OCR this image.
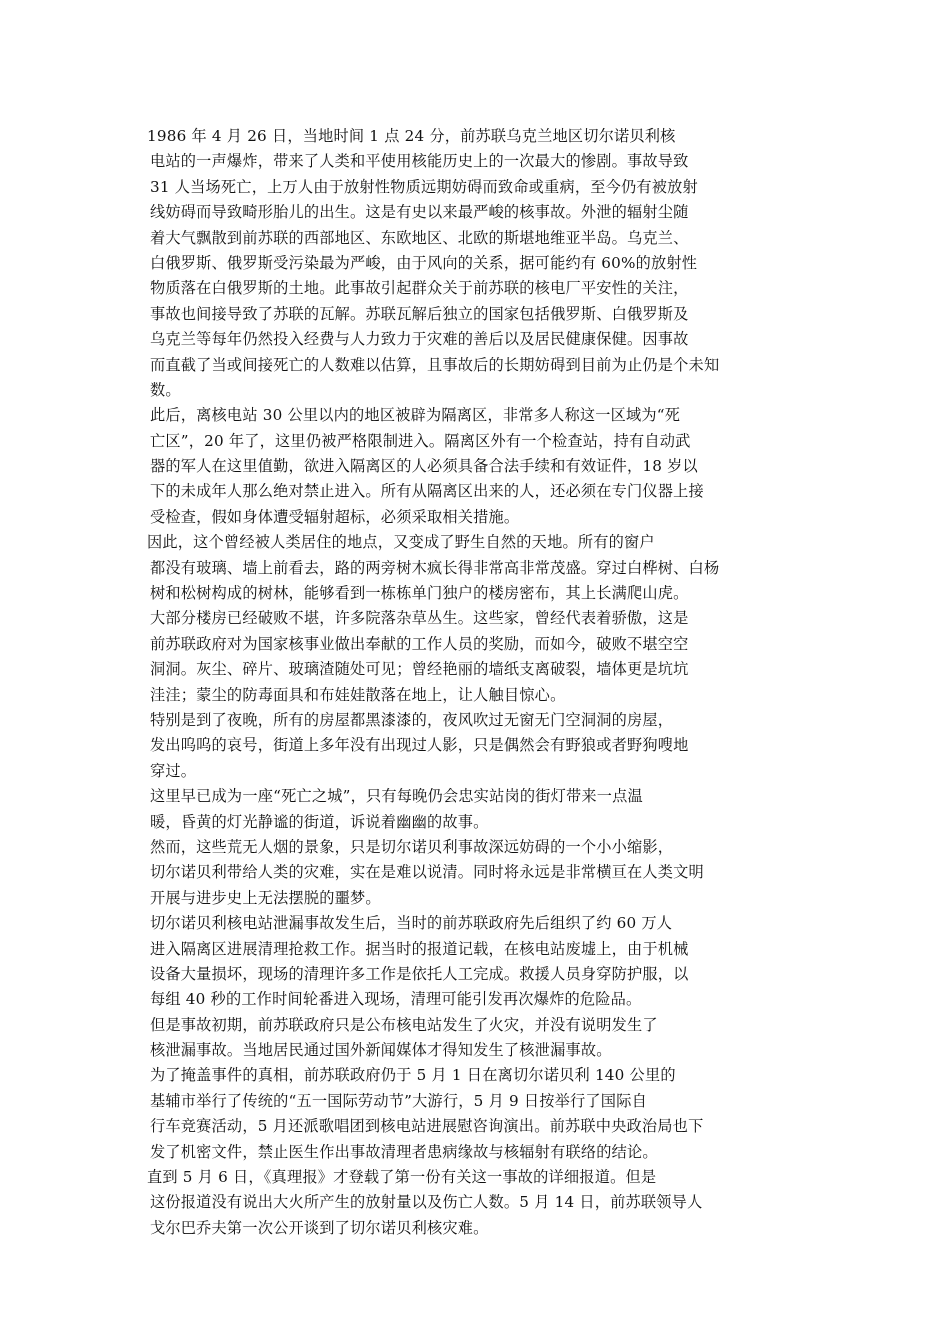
1986 年 4 月 26 日，当地时间 1 点 24 分，前苏联乌克兰地区切尔诺贝利核
电站的一声爆炸，带来了人类和平使用核能历史上的一次最大的惨剧。事故导致
31 人当场死亡，上万人由于放射性物质远期妨碍而致命或重病，至今仍有被放射
线妨碍而导致畸形胎儿的出生。这是有史以来最严峻的核事故。外泄的辐射尘随
着大气飘散到前苏联的西部地区、东欧地区、北欧的斯堪地维亚半岛。乌克兰、
白俄罗斯、俄罗斯受污染最为严峻，由于风向的关系，据可能约有 60%的放射性
物质落在白俄罗斯的土地。此事故引起群众关于前苏联的核电厂平安性的关注，
事故也间接导致了苏联的瓦解。苏联瓦解后独立的国家包括俄罗斯、白俄罗斯及
乌克兰等每年仍然投入经费与人力致力于灾难的善后以及居民健康保健。因事故
而直截了当或间接死亡的人数难以估算，且事故后的长期妨碍到目前为止仍是个未知
数。
此后，离核电站 30 公里以内的地区被辟为隔离区，非常多人称这一区域为“死
亡区”，20 年了，这里仍被严格限制进入。隔离区外有一个检查站，持有自动武
器的军人在这里值勤，欲进入隔离区的人必须具备合法手续和有效证件，18 岁以
下的未成年人那么绝对禁止进入。所有从隔离区出来的人，还必须在专门仪器上接
受检查，假如身体遭受辐射超标，必须采取相关措施。
因此，这个曾经被人类居住的地点，又变成了野生自然的天地。所有的窗户
都没有玻璃、墙上前看去，路的两旁树木疯长得非常高非常茂盛。穿过白桦树、白杨
树和松树构成的树林，能够看到一栋栋单门独户的楼房密布，其上长满爬山虎。
大部分楼房已经破败不堪，许多院落杂草丛生。这些家，曾经代表着骄傲，这是
前苏联政府对为国家核事业做出奉献的工作人员的奖励，而如今，破败不堪空空
洞洞。灰尘、碎片、玻璃渣随处可见；曾经艳丽的墙纸支离破裂，墙体更是坑坑
洼洼；蒙尘的防毒面具和布娃娃散落在地上，让人触目惊心。
特别是到了夜晚，所有的房屋都黑漆漆的，夜风吹过无窗无门空洞洞的房屋，
发出呜呜的哀号，街道上多年没有出现过人影，只是偶然会有野狼或者野狗嗖地
穿过。
这里早已成为一座“死亡之城”，只有每晚仍会忠实站岗的街灯带来一点温
暖，昏黄的灯光静谧的街道，诉说着幽幽的故事。
然而，这些荒无人烟的景象，只是切尔诺贝利事故深远妨碍的一个小小缩影，
切尔诺贝利带给人类的灾难，实在是难以说清。同时将永远是非常横亘在人类文明
开展与进步史上无法摆脱的噩梦。
切尔诺贝利核电站泄漏事故发生后，当时的前苏联政府先后组织了约 60 万人
进入隔离区进展清理抢救工作。据当时的报道记载，在核电站废墟上，由于机械
设备大量损坏，现场的清理许多工作是依托人工完成。救援人员身穿防护服，以
每组 40 秒的工作时间轮番进入现场，清理可能引发再次爆炸的危险品。
但是事故初期，前苏联政府只是公布核电站发生了火灾，并没有说明发生了
核泄漏事故。当地居民通过国外新闻媒体才得知发生了核泄漏事故。
为了掩盖事件的真相，前苏联政府仍于 5 月 1 日在离切尔诺贝利 140 公里的
基辅市举行了传统的“五一国际劳动节”大游行，5 月 9 日按举行了国际自
行车竞赛活动，5 月还派歌唱团到核电站进展慰咨询演出。前苏联中央政治局也下
发了机密文件，禁止医生作出事故清理者患病缘故与核辐射有联络的结论。
直到 5 月 6 日，《真理报》才登载了第一份有关这一事故的详细报道。但是
这份报道没有说出大火所产生的放射量以及伤亡人数。5 月 14 日，前苏联领导人
戈尔巴乔夫第一次公开谈到了切尔诺贝利核灾难。
